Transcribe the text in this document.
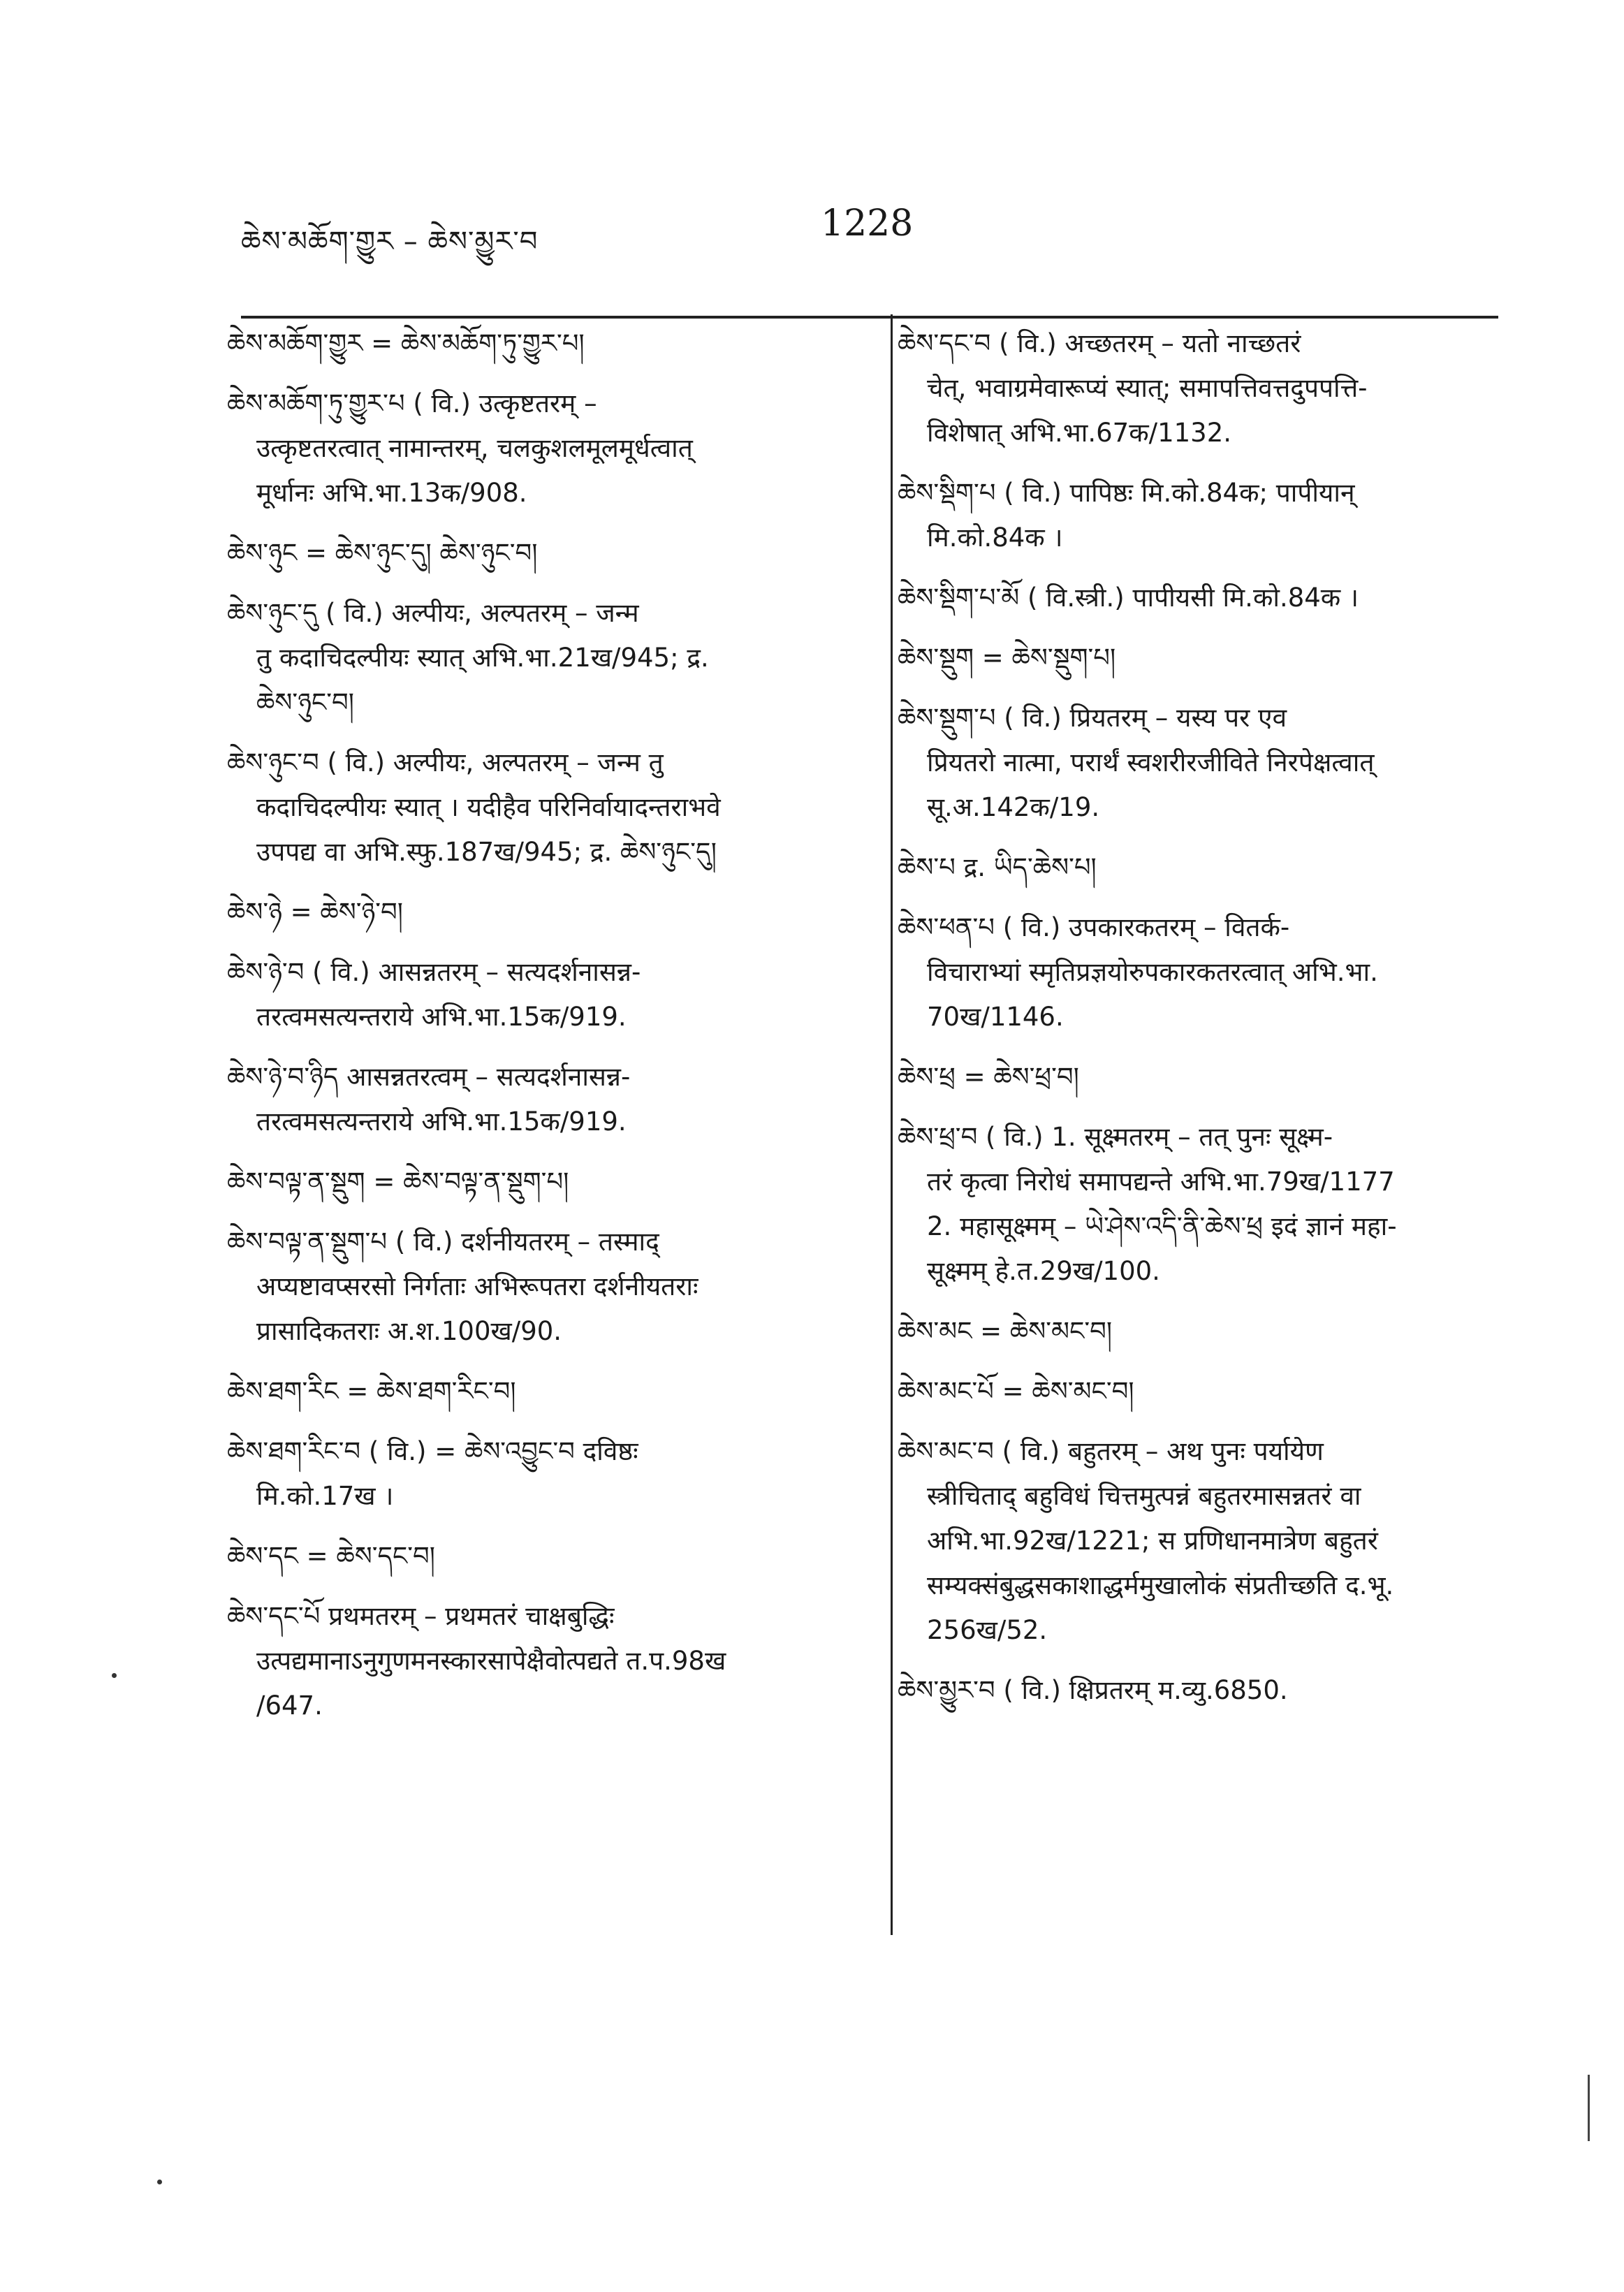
ཆེས་མཆོག་གྱུར – ཆེས་མྱུར་བ	1228
ཆེས་མཆོག་གྱུར = ཆེས་མཆོག་ཏུ་གྱུར་པ།
ཆེས་མཆོག་ཏུ་གྱུར་པ ( वि.) उत्कृष्टतरम् –
उत्कृष्टतरत्वात् नामान्तरम्, चलकुशलमूलमूर्धत्वात्
मूर्धानः अभि.भा.13क/908.
ཆེས་ཉུང = ཆེས་ཉུང་དུ། ཆེས་ཉུང་བ།
ཆེས་ཉུང་དུ ( वि.) अल्पीयः, अल्पतरम् – जन्म
तु कदाचिदल्पीयः स्यात् अभि.भा.21ख/945; द्र.
ཆེས་ཉུང་བ།
ཆེས་ཉུང་བ ( वि.) अल्पीयः, अल्पतरम् – जन्म तु
कदाचिदल्पीयः स्यात् । यदीहैव परिनिर्वायादन्तराभवे
उपपद्य वा अभि.स्फु.187ख/945; द्र. ཆེས་ཉུང་དུ།
ཆེས་ཉེ = ཆེས་ཉེ་བ།
ཆེས་ཉེ་བ ( वि.) आसन्नतरम् – सत्यदर्शनासन्न-
तरत्वमसत्यन्तराये अभि.भा.15क/919.
ཆེས་ཉེ་བ་ཉིད आसन्नतरत्वम् – सत्यदर्शनासन्न-
तरत्वमसत्यन्तराये अभि.भा.15क/919.
ཆེས་བལྟ་ན་སྡུག = ཆེས་བལྟ་ན་སྡུག་པ།
ཆེས་བལྟ་ན་སྡུག་པ ( वि.) दर्शनीयतरम् – तस्माद्
अप्यष्टावप्सरसो निर्गताः अभिरूपतरा दर्शनीयतराः
प्रासादिकतराः अ.श.100ख/90.
ཆེས་ཐག་རིང = ཆེས་ཐག་རིང་བ།
ཆེས་ཐག་རིང་བ ( वि.) = ཆེས་འབྱུང་བ दविष्ठः
मि.को.17ख ।
ཆེས་དང = ཆེས་དང་བ།
ཆེས་དང་པོ प्रथमतरम् – प्रथमतरं चाक्षबुद्धिः
उत्पद्यमानाऽनुगुणमनस्कारसापेक्षैवोत्पद्यते त.प.98ख
/647.
ཆེས་དང་བ ( वि.) अच्छतरम् – यतो नाच्छतरं
चेत्, भवाग्रमेवारूप्यं स्यात्; समापत्तिवत्तदुपपत्ति-
विशेषात् अभि.भा.67क/1132.
ཆེས་སྡིག་པ ( वि.) पापिष्ठः मि.को.84क; पापीयान्
मि.को.84क ।
ཆེས་སྡིག་པ་མོ ( वि.स्त्री.) पापीयसी मि.को.84क ।
ཆེས་སྡུག = ཆེས་སྡུག་པ།
ཆེས་སྡུག་པ ( वि.) प्रियतरम् – यस्य पर एव
प्रियतरो नात्मा, परार्थं स्वशरीरजीविते निरपेक्षत्वात्
सू.अ.142क/19.
ཆེས་པ द्र. ཡིད་ཆེས་པ།
ཆེས་ཕན་པ ( वि.) उपकारकतरम् – वितर्क-
विचाराभ्यां स्मृतिप्रज्ञयोरुपकारकतरत्वात् अभि.भा.
70ख/1146.
ཆེས་ཕྲ = ཆེས་ཕྲ་བ།
ཆེས་ཕྲ་བ ( वि.) 1. सूक्ष्मतरम् – तत् पुनः सूक्ष्म-
तरं कृत्वा निरोधं समापद्यन्ते अभि.भा.79ख/1177
2. महासूक्ष्मम् – ཡེ་ཤེས་འདི་ནི་ཆེས་ཕྲ इदं ज्ञानं महा-
सूक्ष्मम् हे.त.29ख/100.
ཆེས་མང = ཆེས་མང་བ།
ཆེས་མང་པོ = ཆེས་མང་བ།
ཆེས་མང་བ ( वि.) बहुतरम् – अथ पुनः पर्यायेण
स्त्रीचिताद् बहुविधं चित्तमुत्पन्नं बहुतरमासन्नतरं वा
अभि.भा.92ख/1221; स प्रणिधानमात्रेण बहुतरं
सम्यक्संबुद्धसकाशाद्धर्ममुखालोकं संप्रतीच्छति द.भू.
256ख/52.
ཆེས་མྱུར་བ ( वि.) क्षिप्रतरम् म.व्यु.6850.
